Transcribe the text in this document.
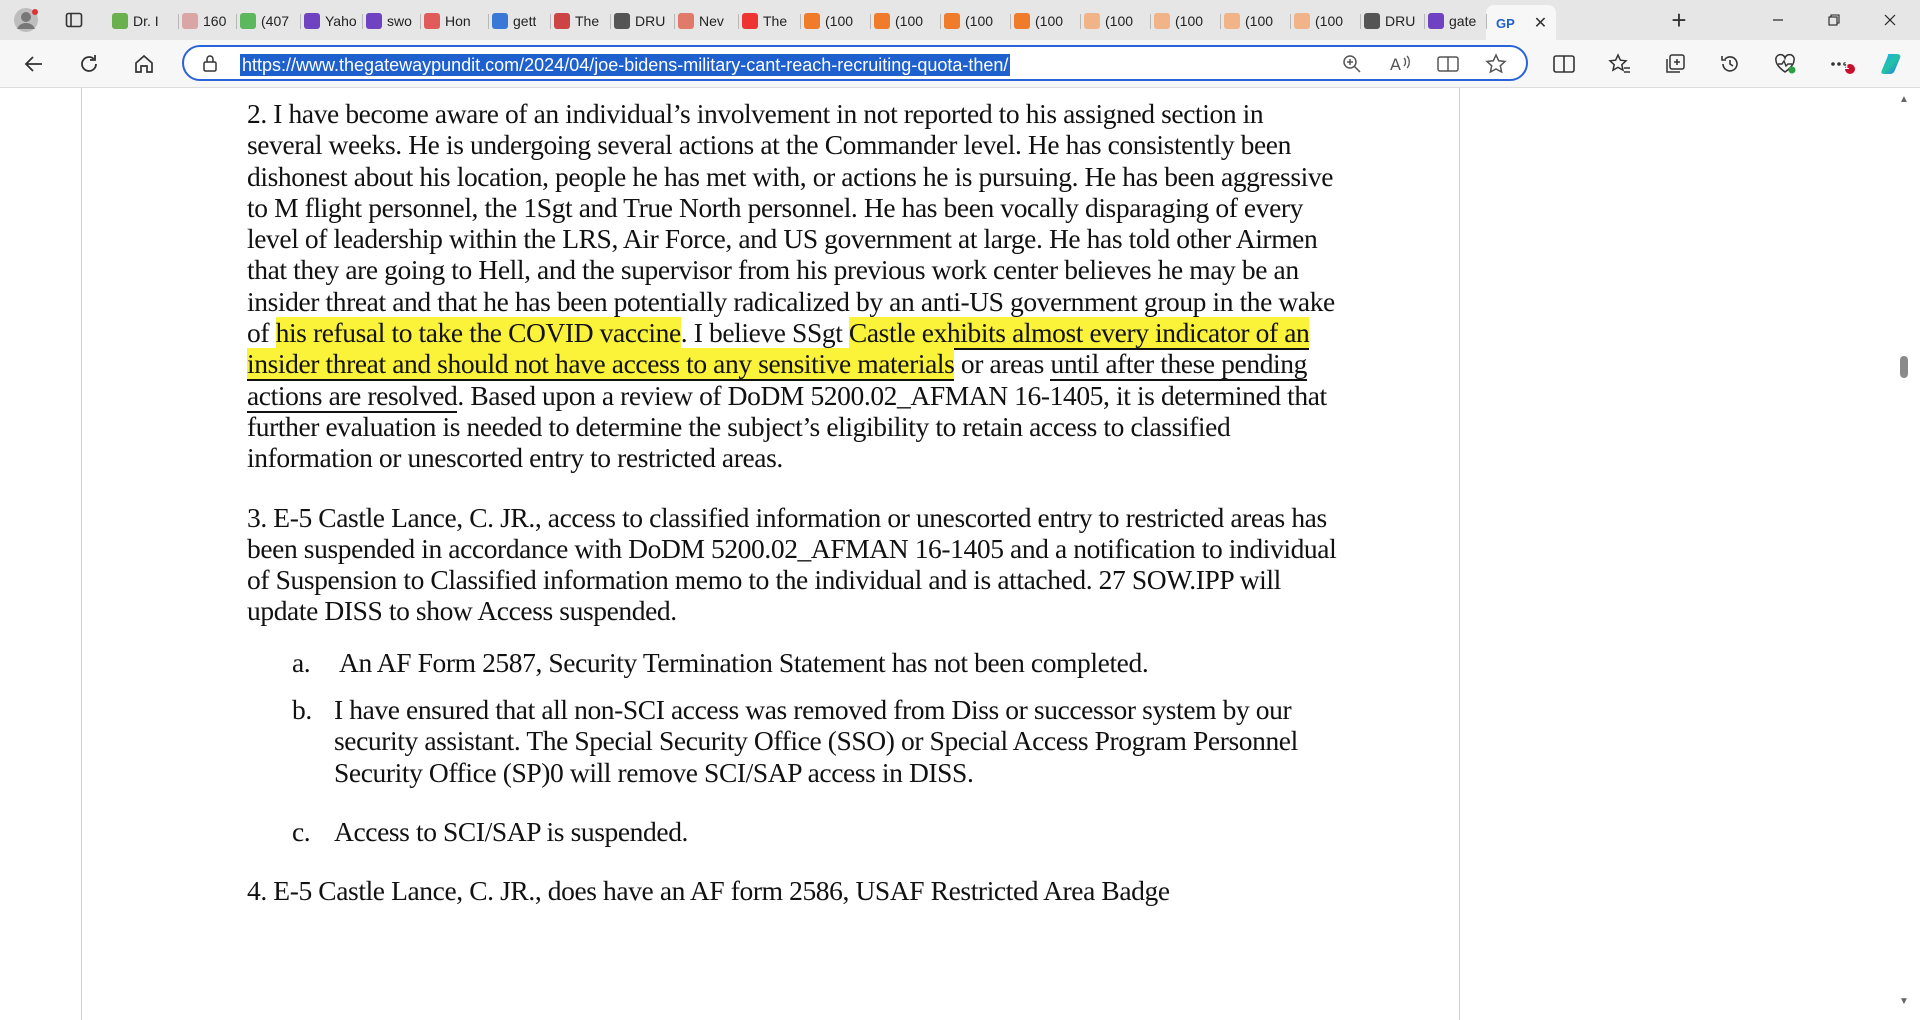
Dr. I	160 (407	Yaho swo Hon	gett	The	DRU Nev	The	(100	(100	(100	(100	(100	(100	(100	(100	DRU gate GP ✕	+
https://www.thegatewaypundit.com/2024/04/joe-bidens-military-cant-reach-recruiting-quota-then/	A	1

2. I have become aware of an individual’s involvement in not reported to his assigned section in several weeks. He is undergoing several actions at the Commander level. He has consistently been dishonest about his location, people he has met with, or actions he is pursuing. He has been aggressive to M flight personnel, the 1Sgt and True North personnel. He has been vocally disparaging of every level of leadership within the LRS, Air Force, and US government at large. He has told other Airmen that they are going to Hell, and the supervisor from his previous work center believes he may be an insider threat and that he has been potentially radicalized by an anti-US government group in the wake of his refusal to take the COVID vaccine. I believe SSgt Castle exhibits almost every indicator of an insider threat and should not have access to any sensitive materials or areas until after these pending actions are resolved. Based upon a review of DoDM 5200.02_AFMAN 16-1405, it is determined that further evaluation is needed to determine the subject’s eligibility to retain access to classified information or unescorted entry to restricted areas.

3. E-5 Castle Lance, C. JR., access to classified information or unescorted entry to restricted areas has been suspended in accordance with DoDM 5200.02_AFMAN 16-1405 and a notification to individual of Suspension to Classified information memo to the individual and is attached. 27 SOW.IPP will update DISS to show Access suspended.

a.	An AF Form 2587, Security Termination Statement has not been completed.

b. I have ensured that all non-SCI access was removed from Diss or successor system by our security assistant. The Special Security Office (SSO) or Special Access Program Personnel Security Office (SP)0 will remove SCI/SAP access in DISS.

c. Access to SCI/SAP is suspended.

4. E-5 Castle Lance, C. JR., does have an AF form 2586, USAF Restricted Area Badge

▲
▼
